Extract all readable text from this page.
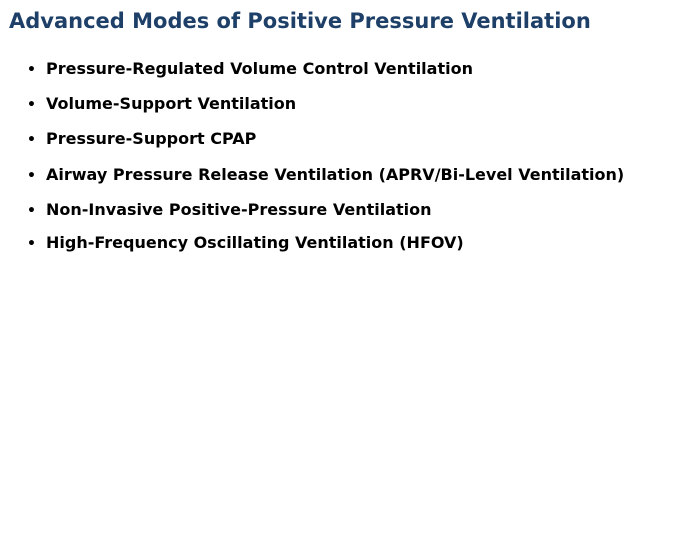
Advanced Modes of Positive Pressure Ventilation
• Pressure-Regulated Volume Control Ventilation
• Volume-Support Ventilation
• Pressure-Support CPAP
• Airway Pressure Release Ventilation (APRV/Bi-Level Ventilation)
• Non-Invasive Positive-Pressure Ventilation
• High-Frequency Oscillating Ventilation (HFOV)
